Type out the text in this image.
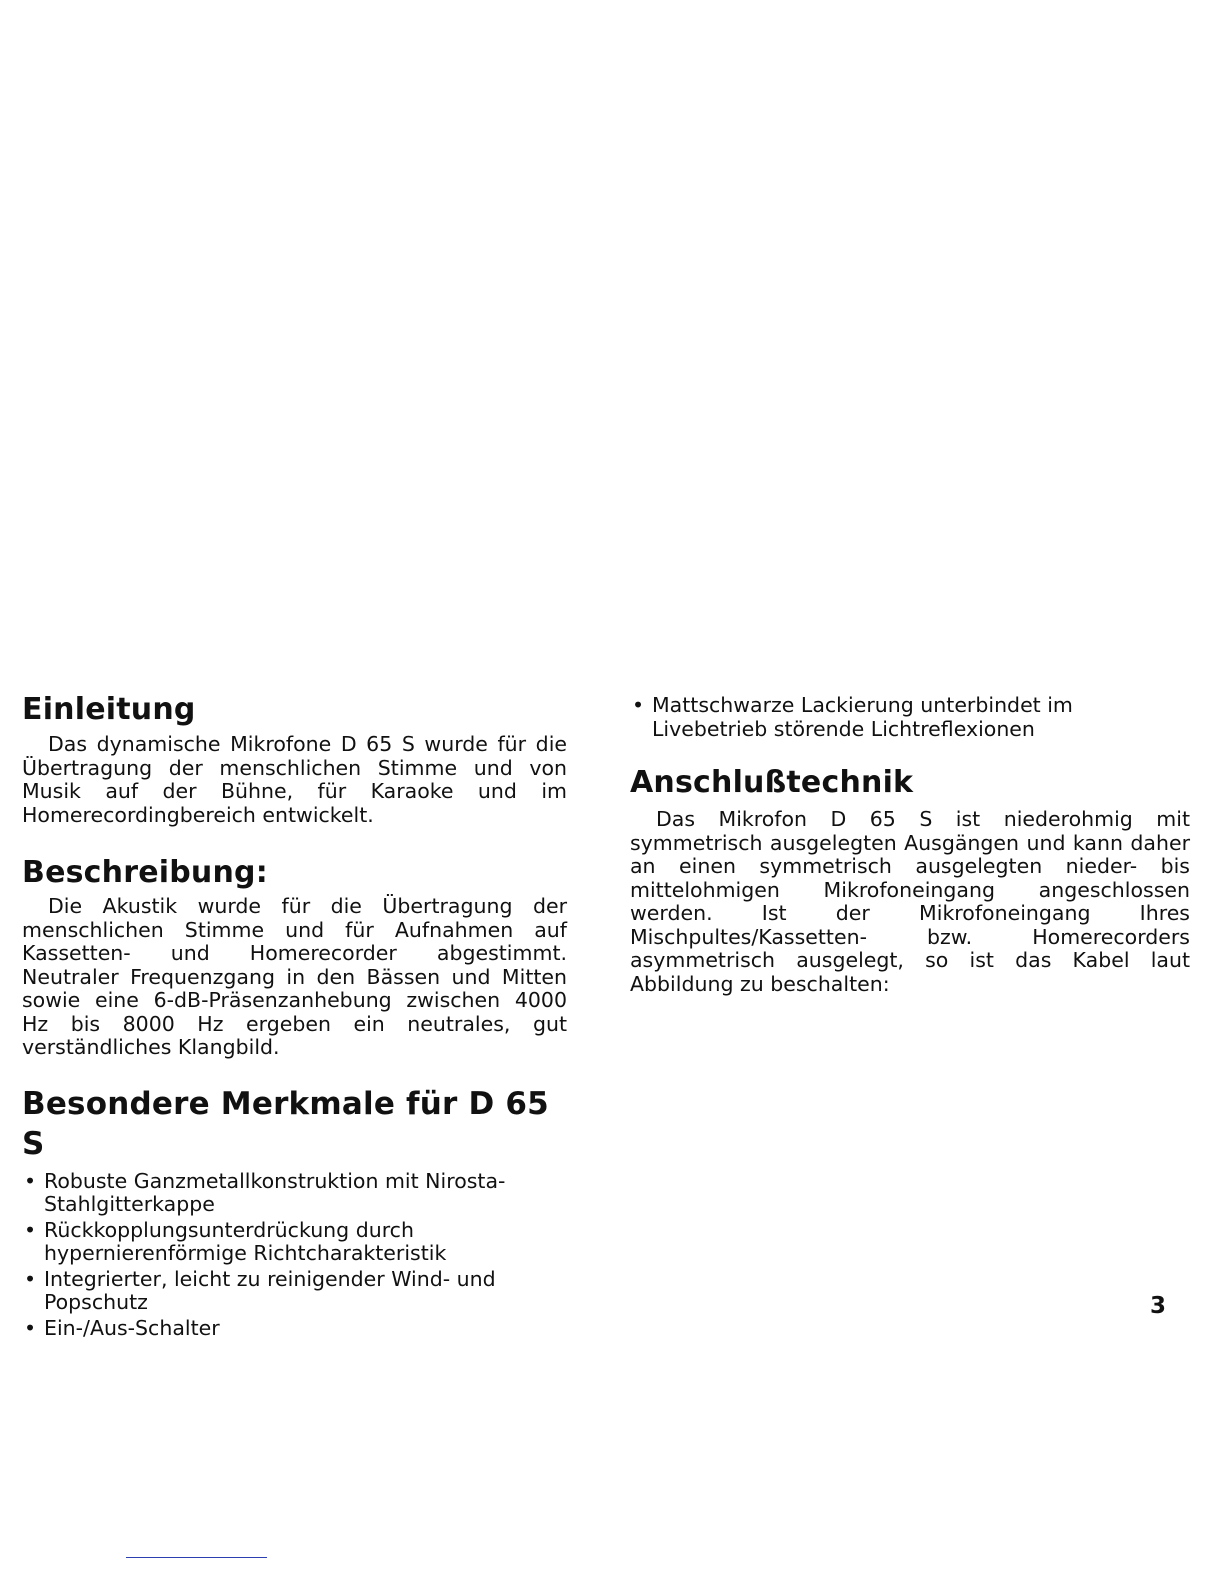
Einleitung

Das dynamische Mikrofone D 65 S wurde für die Übertragung der menschlichen Stimme und von Musik auf der Bühne, für Karaoke und im Homerecordingbereich entwickelt.

Beschreibung:

Die Akustik wurde für die Übertragung der menschlichen Stimme und für Aufnahmen auf Kassetten- und Homerecorder abgestimmt. Neutraler Frequenzgang in den Bässen und Mitten sowie eine 6-dB-Präsenzanhebung zwischen 4000 Hz bis 8000 Hz ergeben ein neutrales, gut verständliches Klangbild.

Besondere Merkmale für D 65 S
• Robuste Ganzmetallkonstruktion mit Nirosta-Stahlgitterkappe
• Rückkopplungsunterdrückung durch hypernierenförmige Richtcharakteristik
• Integrierter, leicht zu reinigender Wind- und Popschutz
• Ein-/Aus-Schalter
• Mattschwarze Lackierung unterbindet im Livebetrieb störende Lichtreflexionen
Anschlußtechnik

Das Mikrofon D 65 S ist niederohmig mit symmetrisch ausgelegten Ausgängen und kann daher an einen symmetrisch ausgelegten nieder- bis mittelohmigen Mikrofoneingang angeschlossen werden. Ist der Mikrofoneingang Ihres Mischpultes/Kassetten- bzw. Homerecorders asymmetrisch ausgelegt, so ist das Kabel laut Abbildung zu beschalten:

3
